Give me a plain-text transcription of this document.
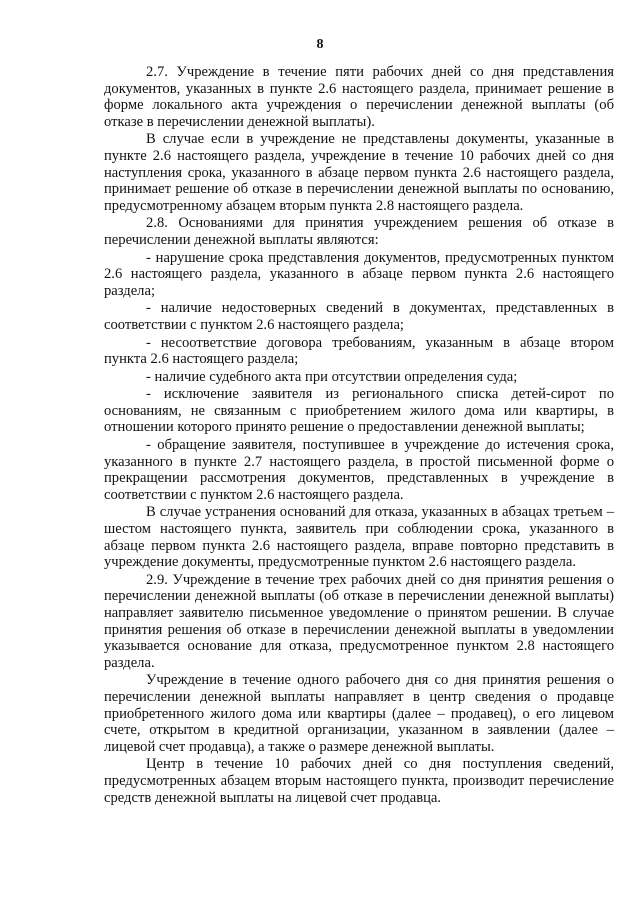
8

2.7. Учреждение в течение пяти рабочих дней со дня представления документов, указанных в пункте 2.6 настоящего раздела, принимает решение в форме локального акта учреждения о перечислении денежной выплаты (об отказе в перечислении денежной выплаты).

В случае если в учреждение не представлены документы, указанные в пункте 2.6 настоящего раздела, учреждение в течение 10 рабочих дней со дня наступления срока, указанного в абзаце первом пункта 2.6 настоящего раздела, принимает решение об отказе в перечислении денежной выплаты по основанию, предусмотренному абзацем вторым пункта 2.8 настоящего раздела.

2.8. Основаниями для принятия учреждением решения об отказе в перечислении денежной выплаты являются:

- нарушение срока представления документов, предусмотренных пунктом 2.6 настоящего раздела, указанного в абзаце первом пункта 2.6 настоящего раздела;

- наличие недостоверных сведений в документах, представленных в соответствии с пунктом 2.6 настоящего раздела;

- несоответствие договора требованиям, указанным в абзаце втором пункта 2.6 настоящего раздела;

- наличие судебного акта при отсутствии определения суда;

- исключение заявителя из регионального списка детей-сирот по основаниям, не связанным с приобретением жилого дома или квартиры, в отношении которого принято решение о предоставлении денежной выплаты;

- обращение заявителя, поступившее в учреждение до истечения срока, указанного в пункте 2.7 настоящего раздела, в простой письменной форме о прекращении рассмотрения документов, представленных в учреждение в соответствии с пунктом 2.6 настоящего раздела.

В случае устранения оснований для отказа, указанных в абзацах третьем – шестом настоящего пункта, заявитель при соблюдении срока, указанного в абзаце первом пункта 2.6 настоящего раздела, вправе повторно представить в учреждение документы, предусмотренные пунктом 2.6 настоящего раздела.

2.9. Учреждение в течение трех рабочих дней со дня принятия решения о перечислении денежной выплаты (об отказе в перечислении денежной выплаты) направляет заявителю письменное уведомление о принятом решении. В случае принятия решения об отказе в перечислении денежной выплаты в уведомлении указывается основание для отказа, предусмотренное пунктом 2.8 настоящего раздела.

Учреждение в течение одного рабочего дня со дня принятия решения о перечислении денежной выплаты направляет в центр сведения о продавце приобретенного жилого дома или квартиры (далее – продавец), о его лицевом счете, открытом в кредитной организации, указанном в заявлении (далее – лицевой счет продавца), а также о размере денежной выплаты.

Центр в течение 10 рабочих дней со дня поступления сведений, предусмотренных абзацем вторым настоящего пункта, производит перечисление средств денежной выплаты на лицевой счет продавца.
